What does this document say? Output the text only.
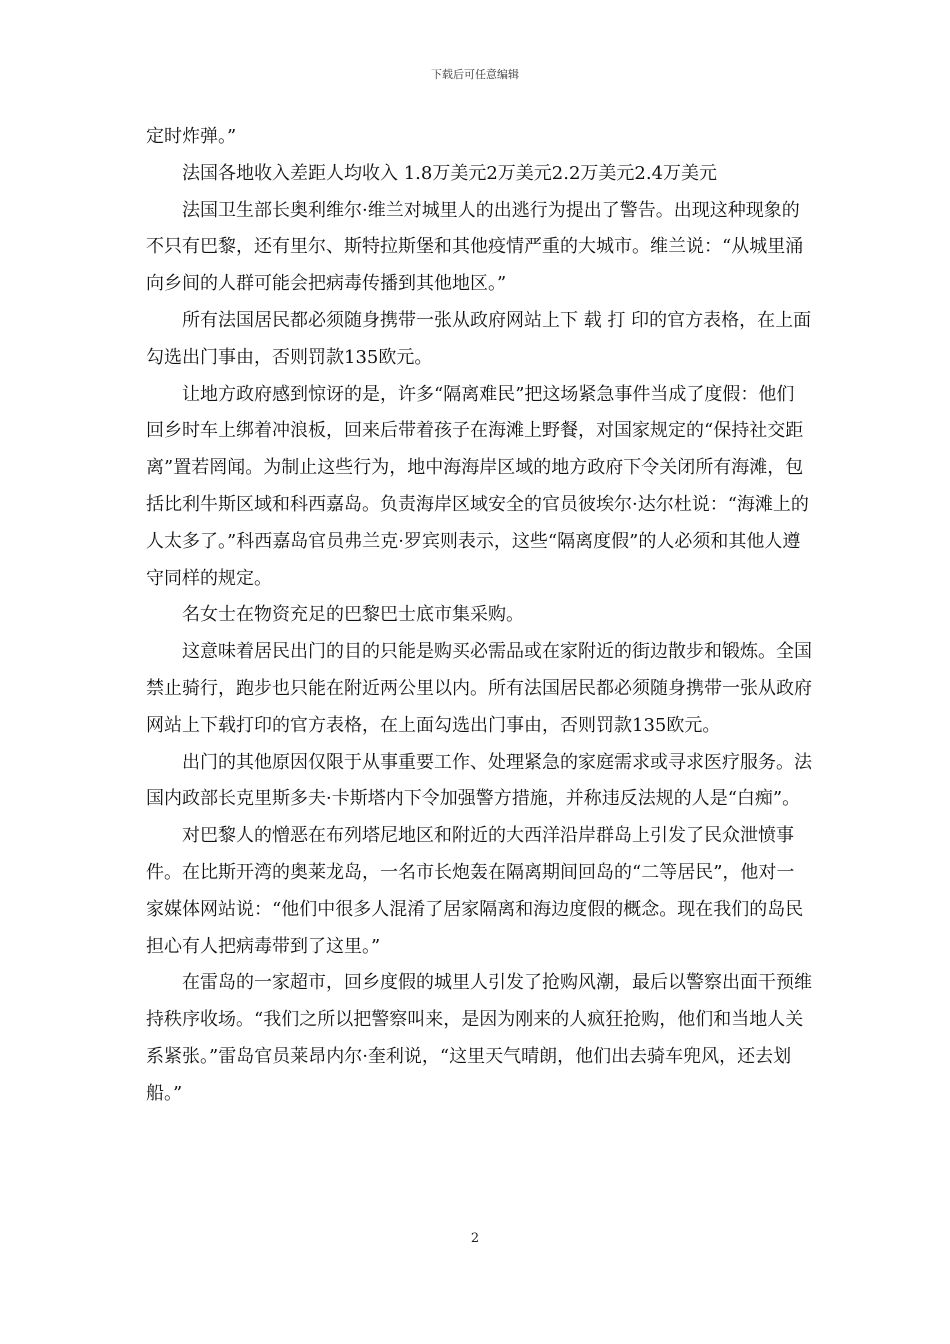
下载后可任意编辑

定时炸弹。”

法国各地收入差距人均收入 1.8万美元2万美元2.2万美元2.4万美元

法国卫生部长奥利维尔·维兰对城里人的出逃行为提出了警告。出现这种现象的不只有巴黎，还有里尔、斯特拉斯堡和其他疫情严重的大城市。维兰说：“从城里涌向乡间的人群可能会把病毒传播到其他地区。”

所有法国居民都必须随身携带一张从政府网站上下 载 打 印的官方表格，在上面勾选出门事由，否则罚款135欧元。

让地方政府感到惊讶的是，许多“隔离难民”把这场紧急事件当成了度假：他们回乡时车上绑着冲浪板，回来后带着孩子在海滩上野餐，对国家规定的“保持社交距离”置若罔闻。为制止这些行为，地中海海岸区域的地方政府下令关闭所有海滩，包括比利牛斯区域和科西嘉岛。负责海岸区域安全的官员彼埃尔·达尔杜说：“海滩上的人太多了。”科西嘉岛官员弗兰克·罗宾则表示，这些“隔离度假”的人必须和其他人遵守同样的规定。

名女士在物资充足的巴黎巴士底市集采购。

这意味着居民出门的目的只能是购买必需品或在家附近的街边散步和锻炼。全国禁止骑行，跑步也只能在附近两公里以内。所有法国居民都必须随身携带一张从政府网站上下载打印的官方表格，在上面勾选出门事由，否则罚款135欧元。

出门的其他原因仅限于从事重要工作、处理紧急的家庭需求或寻求医疗服务。法国内政部长克里斯多夫·卡斯塔内下令加强警方措施，并称违反法规的人是“白痴”。

对巴黎人的憎恶在布列塔尼地区和附近的大西洋沿岸群岛上引发了民众泄愤事件。在比斯开湾的奥莱龙岛，一名市长炮轰在隔离期间回岛的“二等居民”，他对一家媒体网站说：“他们中很多人混淆了居家隔离和海边度假的概念。现在我们的岛民担心有人把病毒带到了这里。”

在雷岛的一家超市，回乡度假的城里人引发了抢购风潮，最后以警察出面干预维持秩序收场。“我们之所以把警察叫来，是因为刚来的人疯狂抢购，他们和当地人关系紧张。”雷岛官员莱昂内尔·奎利说，“这里天气晴朗，他们出去骑车兜风，还去划船。”

2
